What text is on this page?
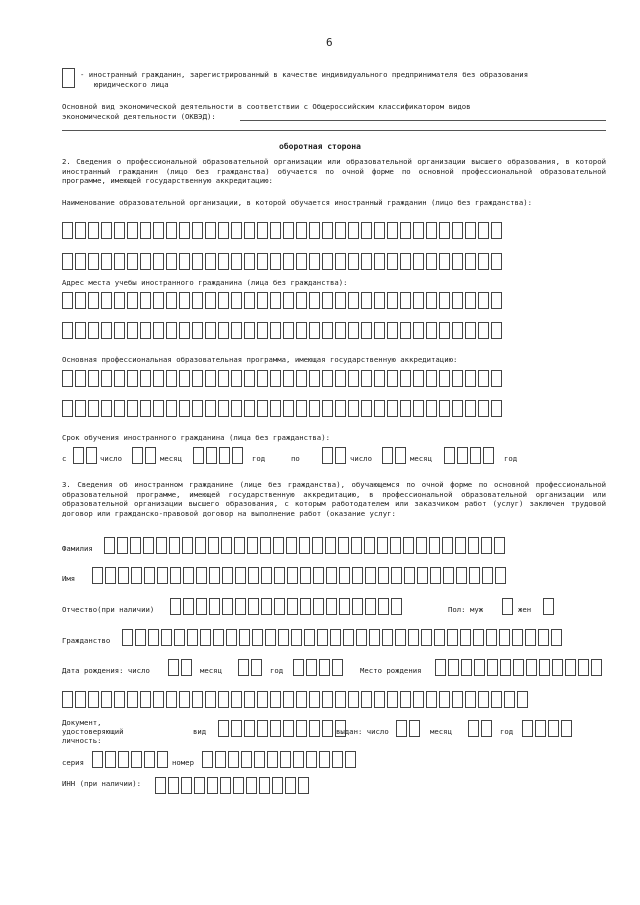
6
- иностранный гражданин, зарегистрированный в качестве индивидуального предпринимателя без образования
юридического лица
Основной вид экономической деятельности в соответствии с Общероссийским классификатором видов
экономической деятельности (ОКВЭД):
оборотная сторона
2. Сведения о профессиональной образовательной организации или образовательной организации высшего образования, в которой иностранный гражданин (лицо без гражданства) обучается по очной форме по основной профессиональной образовательной программе, имеющей государственную аккредитацию:
Наименование образовательной организации, в которой обучается иностранный гражданин (лицо без гражданства):
Адрес места учебы иностранного гражданина (лица без гражданства):
Основная профессиональная образовательная программа, имеющая государственную аккредитацию:
Срок обучения иностранного гражданина (лица без гражданства):
с	число	месяц	год	по	число	месяц	год
3. Сведения об иностранном гражданине (лице без гражданства), обучающемся по очной форме по основной профессиональной образовательной программе, имеющей государственную аккредитацию, в профессиональной образовательной организации или образовательной организации высшего образования, с которым работодателем или заказчиком работ (услуг) заключен трудовой договор или гражданско-правовой договор на выполнение работ (оказание услуг:
Фамилия
Имя
Отчество(при наличии)	Пол: муж	жен
Гражданство
Дата рождения: число	месяц	год	Место рождения
Документ,
удостоверяющий
личность:
вид	выдан: число	месяц	год
серия	номер
ИНН (при наличии):
